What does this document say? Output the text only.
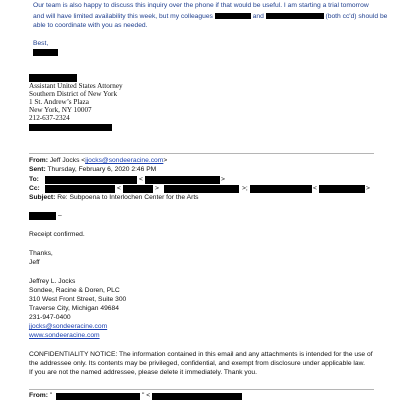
Our team is also happy to discuss this inquiry over the phone if that would be useful. I am starting a trial tomorrow
and will have limited availability this week, but my colleagues	and	(both cc'd) should be
able to coordinate with you as needed.
Best,
Assistant United States Attorney
Southern District of New York
1 St. Andrew’s Plaza
New York, NY 10007
212-637-2324
From: Jeff Jocks <jjocks@sondeeracine.com>
Sent: Thursday, February 6, 2020 2:46 PM
To:	<	>
Cc:	<	>	>;	<	>
Subject: Re: Subpoena to Interlochen Center for the Arts
–
Receipt confirmed.
Thanks,
Jeff
Jeffrey L. Jocks
Sondee, Racine & Doren, PLC
310 West Front Street, Suite 300
Traverse City, Michigan 49684
231-947-0400
jjocks@sondeeracine.com
www.sondeeracine.com
CONFIDENTIALITY NOTICE: The information contained in this email and any attachments is intended for the use of
the addressee only. Its contents may be privileged, confidential, and exempt from disclosure under applicable law.
If you are not the named addressee, please delete it immediately. Thank you.
From: "	" <
